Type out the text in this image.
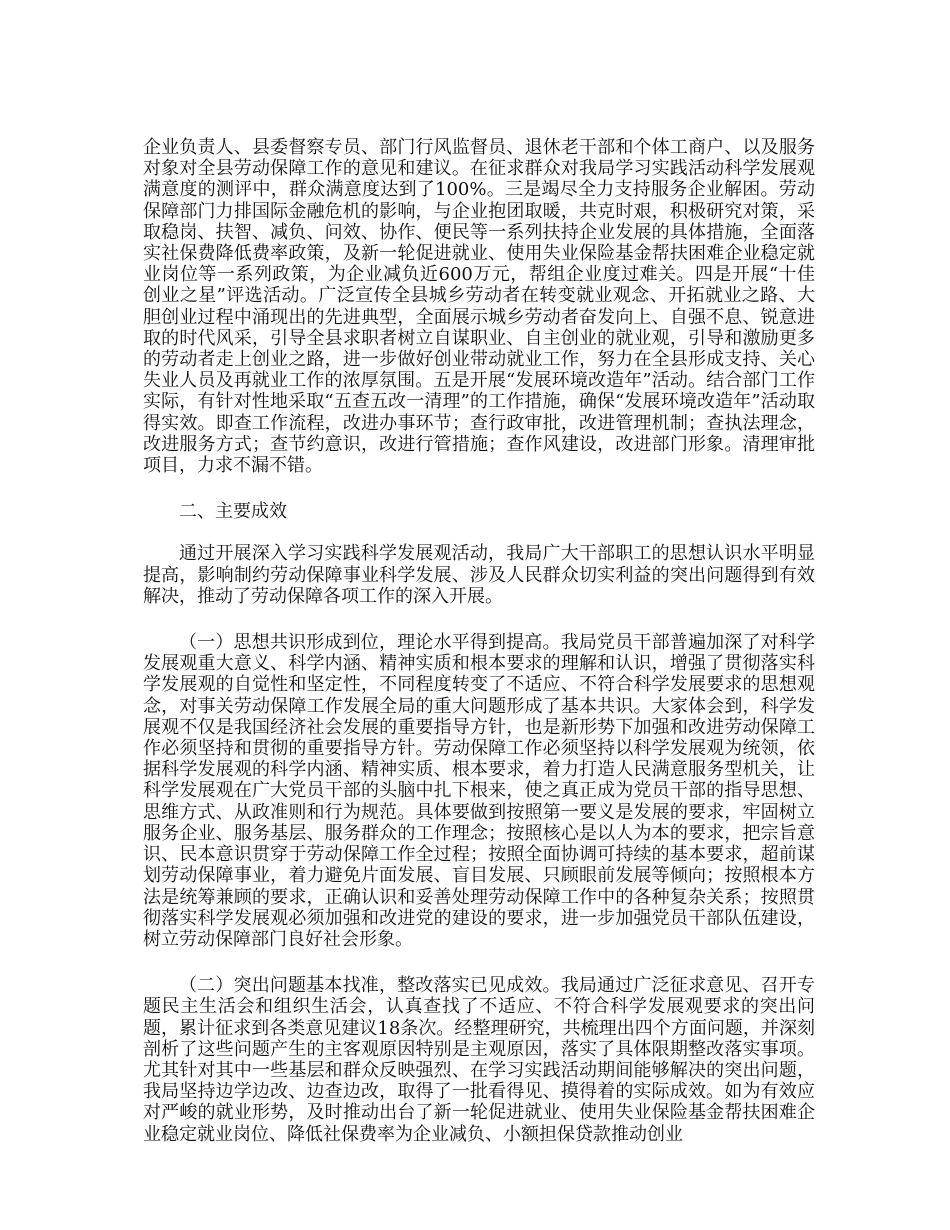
企业负责人、县委督察专员、部门行风监督员、退休老干部和个体工商户、以及服务对象对全县劳动保障工作的意见和建议。在征求群众对我局学习实践活动科学发展观满意度的测评中，群众满意度达到了100%。三是竭尽全力支持服务企业解困。劳动保障部门力排国际金融危机的影响，与企业抱团取暖，共克时艰，积极研究对策，采取稳岗、扶智、减负、问效、协作、便民等一系列扶持企业发展的具体措施，全面落实社保费降低费率政策，及新一轮促进就业、使用失业保险基金帮扶困难企业稳定就业岗位等一系列政策，为企业减负近600万元，帮组企业度过难关。四是开展“十佳创业之星”评选活动。广泛宣传全县城乡劳动者在转变就业观念、开拓就业之路、大胆创业过程中涌现出的先进典型，全面展示城乡劳动者奋发向上、自强不息、锐意进取的时代风采，引导全县求职者树立自谋职业、自主创业的就业观，引导和激励更多的劳动者走上创业之路，进一步做好创业带动就业工作，努力在全县形成支持、关心失业人员及再就业工作的浓厚氛围。五是开展“发展环境改造年”活动。结合部门工作实际，有针对性地采取“五查五改一清理”的工作措施，确保“发展环境改造年”活动取得实效。即查工作流程，改进办事环节；查行政审批，改进管理机制；查执法理念，改进服务方式；查节约意识，改进行管措施；查作风建设，改进部门形象。清理审批项目，力求不漏不错。

二、主要成效

通过开展深入学习实践科学发展观活动，我局广大干部职工的思想认识水平明显提高，影响制约劳动保障事业科学发展、涉及人民群众切实利益的突出问题得到有效解决，推动了劳动保障各项工作的深入开展。

（一）思想共识形成到位，理论水平得到提高。我局党员干部普遍加深了对科学发展观重大意义、科学内涵、精神实质和根本要求的理解和认识，增强了贯彻落实科学发展观的自觉性和坚定性，不同程度转变了不适应、不符合科学发展要求的思想观念，对事关劳动保障工作发展全局的重大问题形成了基本共识。大家体会到，科学发展观不仅是我国经济社会发展的重要指导方针，也是新形势下加强和改进劳动保障工作必须坚持和贯彻的重要指导方针。劳动保障工作必须坚持以科学发展观为统领，依据科学发展观的科学内涵、精神实质、根本要求，着力打造人民满意服务型机关，让科学发展观在广大党员干部的头脑中扎下根来，使之真正成为党员干部的指导思想、思维方式、从政准则和行为规范。具体要做到按照第一要义是发展的要求，牢固树立服务企业、服务基层、服务群众的工作理念；按照核心是以人为本的要求，把宗旨意识、民本意识贯穿于劳动保障工作全过程；按照全面协调可持续的基本要求，超前谋划劳动保障事业，着力避免片面发展、盲目发展、只顾眼前发展等倾向；按照根本方法是统筹兼顾的要求，正确认识和妥善处理劳动保障工作中的各种复杂关系；按照贯彻落实科学发展观必须加强和改进党的建设的要求，进一步加强党员干部队伍建设，树立劳动保障部门良好社会形象。

（二）突出问题基本找准，整改落实已见成效。我局通过广泛征求意见、召开专题民主生活会和组织生活会，认真查找了不适应、不符合科学发展观要求的突出问题，累计征求到各类意见建议18条次。经整理研究，共梳理出四个方面问题，并深刻剖析了这些问题产生的主客观原因特别是主观原因，落实了具体限期整改落实事项。尤其针对其中一些基层和群众反映强烈、在学习实践活动期间能够解决的突出问题，我局坚持边学边改、边查边改，取得了一批看得见、摸得着的实际成效。如为有效应对严峻的就业形势，及时推动出台了新一轮促进就业、使用失业保险基金帮扶困难企业稳定就业岗位、降低社保费率为企业减负、小额担保贷款推动创业
